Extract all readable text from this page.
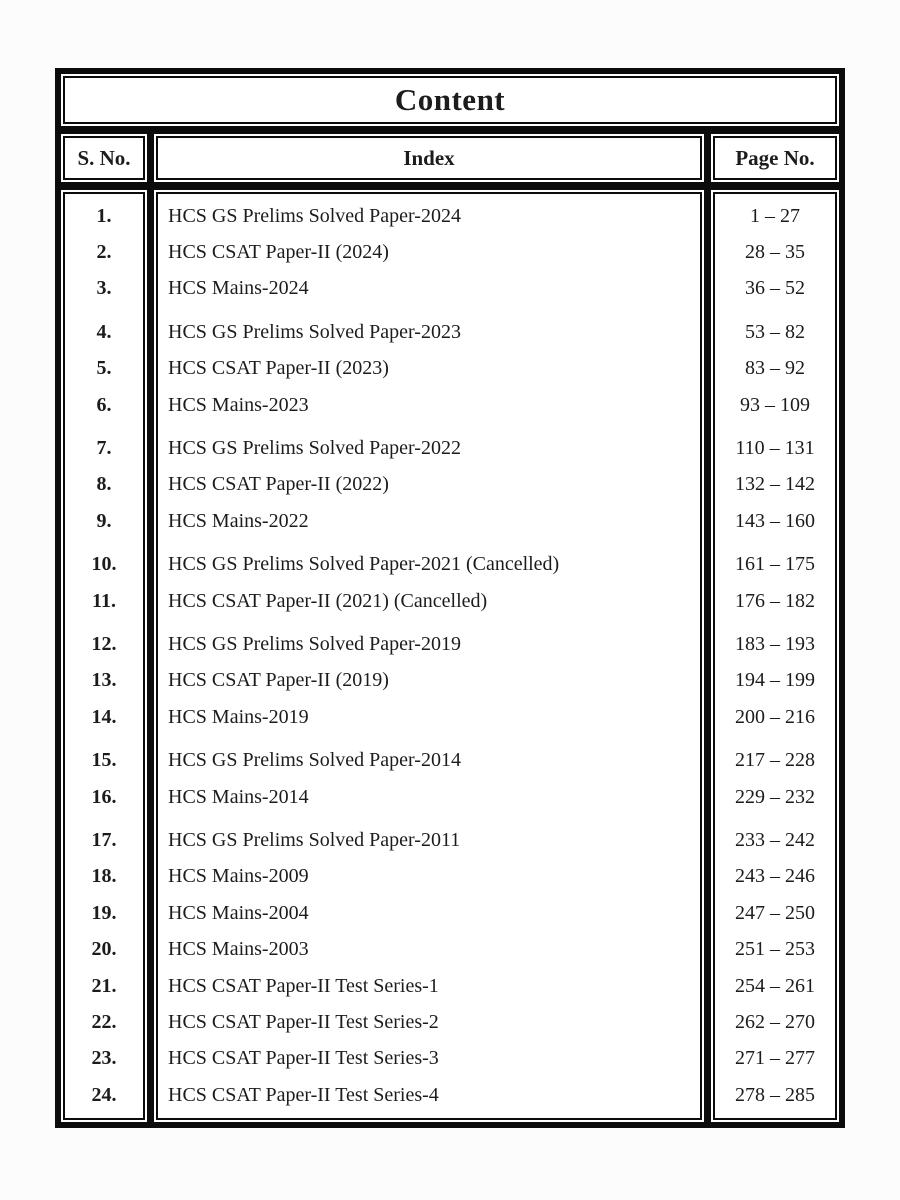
Content
S. No.	Index	Page No.
1.
2.
3.
4.
5.
6.
7.
8.
9.
10.
11.
12.
13.
14.
15.
16.
17.
18.
19.
20.
21.
22.
23.
24.
HCS GS Prelims Solved Paper-2024
HCS CSAT Paper-II (2024)
HCS Mains-2024
HCS GS Prelims Solved Paper-2023
HCS CSAT Paper-II (2023)
HCS Mains-2023
HCS GS Prelims Solved Paper-2022
HCS CSAT Paper-II (2022)
HCS Mains-2022
HCS GS Prelims Solved Paper-2021 (Cancelled)
HCS CSAT Paper-II (2021) (Cancelled)
HCS GS Prelims Solved Paper-2019
HCS CSAT Paper-II (2019)
HCS Mains-2019
HCS GS Prelims Solved Paper-2014
HCS Mains-2014
HCS GS Prelims Solved Paper-2011
HCS Mains-2009
HCS Mains-2004
HCS Mains-2003
HCS CSAT Paper-II Test Series-1
HCS CSAT Paper-II Test Series-2
HCS CSAT Paper-II Test Series-3
HCS CSAT Paper-II Test Series-4
1 – 27
28 – 35
36 – 52
53 – 82
83 – 92
93 – 109
110 – 131
132 – 142
143 – 160
161 – 175
176 – 182
183 – 193
194 – 199
200 – 216
217 – 228
229 – 232
233 – 242
243 – 246
247 – 250
251 – 253
254 – 261
262 – 270
271 – 277
278 – 285
